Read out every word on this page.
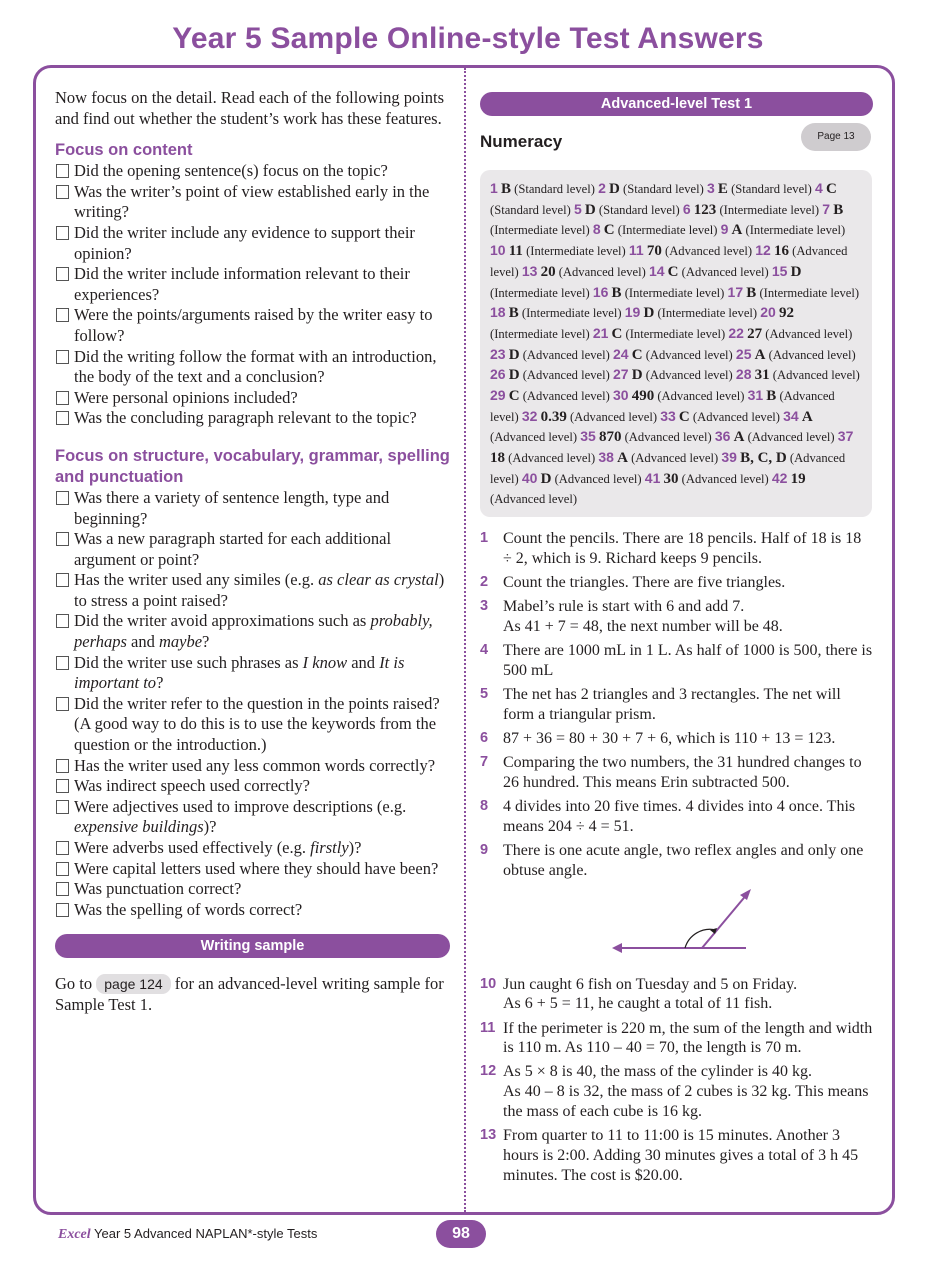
Year 5 Sample Online-style Test Answers

Now focus on the detail. Read each of the following points and find out whether the student’s work has these features.

Focus on content
Did the opening sentence(s) focus on the topic?
Was the writer’s point of view established early in the writing?
Did the writer include any evidence to support their opinion?
Did the writer include information relevant to their experiences?
Were the points/arguments raised by the writer easy to follow?
Did the writing follow the format with an introduction, the body of the text and a conclusion?
Were personal opinions included?
Was the concluding paragraph relevant to the topic?
Focus on structure, vocabulary, grammar, spelling and punctuation
Was there a variety of sentence length, type and beginning?
Was a new paragraph started for each additional argument or point?
Has the writer used any similes (e.g. as clear as crystal) to stress a point raised?
Did the writer avoid approximations such as probably, perhaps and maybe?
Did the writer use such phrases as I know and It is important to?
Did the writer refer to the question in the points raised? (A good way to do this is to use the keywords from the question or the introduction.)
Has the writer used any less common words correctly?
Was indirect speech used correctly?
Were adjectives used to improve descriptions (e.g. expensive buildings)?
Were adverbs used effectively (e.g. firstly)?
Were capital letters used where they should have been?
Was punctuation correct?
Was the spelling of words correct?
Writing sample

Go to page 124 for an advanced-level writing sample for Sample Test 1.

Advanced-level Test 1
Numeracy	Page 13
1 B (Standard level) 2 D (Standard level) 3 E (Standard level) 4 C (Standard level) 5 D (Standard level) 6 123 (Intermediate level) 7 B (Intermediate level) 8 C (Intermediate level) 9 A (Intermediate level) 10 11 (Intermediate level) 11 70 (Advanced level) 12 16 (Advanced level) 13 20 (Advanced level) 14 C (Advanced level) 15 D (Intermediate level) 16 B (Intermediate level) 17 B (Intermediate level) 18 B (Intermediate level) 19 D (Intermediate level) 20 92 (Intermediate level) 21 C (Intermediate level) 22 27 (Advanced level) 23 D (Advanced level) 24 C (Advanced level) 25 A (Advanced level) 26 D (Advanced level) 27 D (Advanced level) 28 31 (Advanced level) 29 C (Advanced level) 30 490 (Advanced level) 31 B (Advanced level) 32 0.39 (Advanced level) 33 C (Advanced level) 34 A (Advanced level) 35 870 (Advanced level) 36 A (Advanced level) 37 18 (Advanced level) 38 A (Advanced level) 39 B, C, D (Advanced level) 40 D (Advanced level) 41 30 (Advanced level) 42 19 (Advanced level)
1 Count the pencils. There are 18 pencils. Half of 18 is 18 ÷ 2, which is 9. Richard keeps 9 pencils.
2 Count the triangles. There are five triangles.
3 Mabel’s rule is start with 6 and add 7.
As 41 + 7 = 48, the next number will be 48.
4 There are 1000 mL in 1 L. As half of 1000 is 500, there is 500 mL
5 The net has 2 triangles and 3 rectangles. The net will form a triangular prism.
6 87 + 36 = 80 + 30 + 7 + 6, which is 110 + 13 = 123.
7 Comparing the two numbers, the 31 hundred changes to 26 hundred. This means Erin subtracted 500.
8 4 divides into 20 five times. 4 divides into 4 once. This means 204 ÷ 4 = 51.
9 There is one acute angle, two reflex angles and only one obtuse angle.
10 Jun caught 6 fish on Tuesday and 5 on Friday.
As 6 + 5 = 11, he caught a total of 11 fish.
11 If the perimeter is 220 m, the sum of the length and width is 110 m. As 110 – 40 = 70, the length is 70 m.
12 As 5 × 8 is 40, the mass of the cylinder is 40 kg.
As 40 – 8 is 32, the mass of 2 cubes is 32 kg. This means the mass of each cube is 16 kg.
13 From quarter to 11 to 11:00 is 15 minutes. Another 3 hours is 2:00. Adding 30 minutes gives a total of 3 h 45 minutes. The cost is $20.00.
Excel Year 5 Advanced NAPLAN*-style Tests	98
